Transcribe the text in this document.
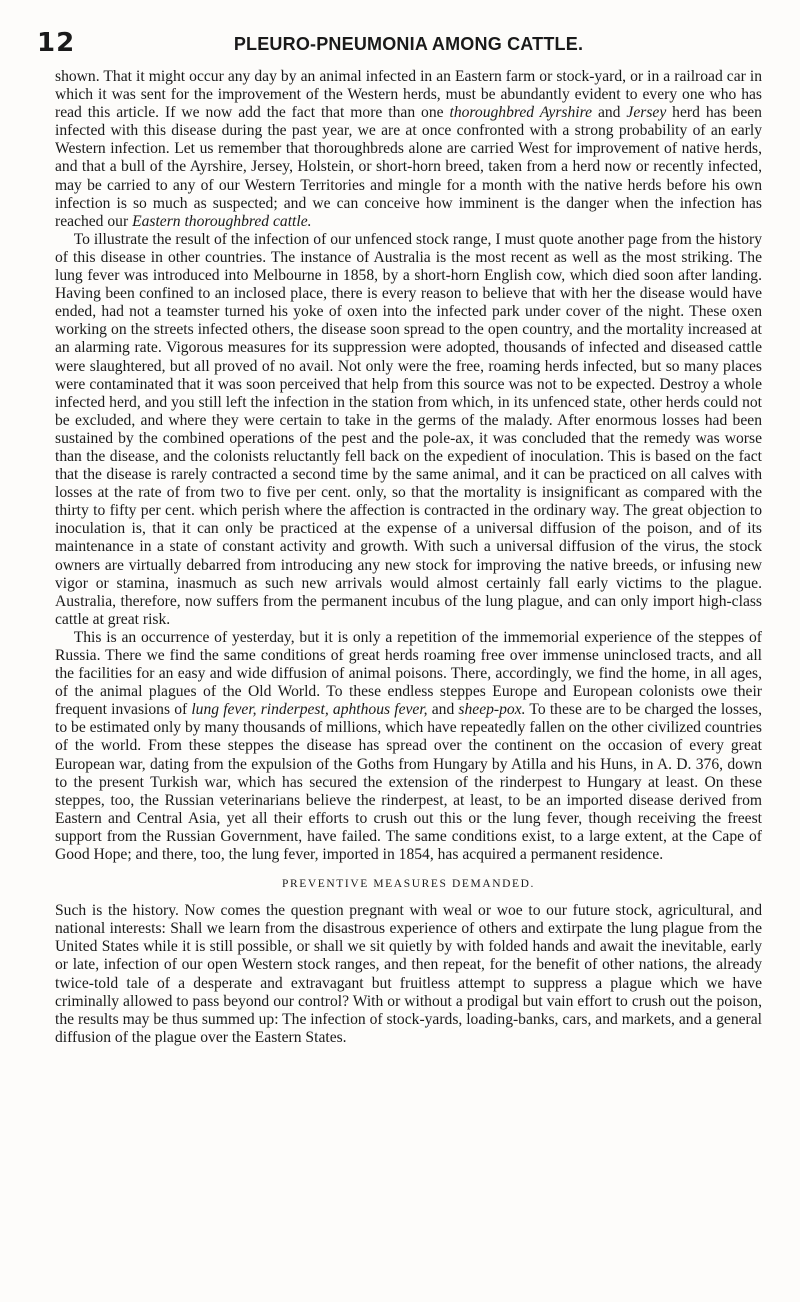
12	PLEURO-PNEUMONIA AMONG CATTLE.

shown. That it might occur any day by an animal infected in an Eastern farm or stock-yard, or in a railroad car in which it was sent for the improvement of the Western herds, must be abundantly evident to every one who has read this article. If we now add the fact that more than one thoroughbred Ayrshire and Jersey herd has been infected with this disease during the past year, we are at once confronted with a strong probability of an early Western infection. Let us remember that thoroughbreds alone are carried West for improvement of native herds, and that a bull of the Ayrshire, Jersey, Holstein, or short-horn breed, taken from a herd now or recently infected, may be carried to any of our Western Territories and mingle for a month with the native herds before his own infection is so much as suspected; and we can conceive how imminent is the danger when the infection has reached our Eastern thoroughbred cattle.

To illustrate the result of the infection of our unfenced stock range, I must quote another page from the history of this disease in other countries. The instance of Australia is the most recent as well as the most striking. The lung fever was introduced into Melbourne in 1858, by a short-horn English cow, which died soon after landing. Having been confined to an inclosed place, there is every reason to believe that with her the disease would have ended, had not a teamster turned his yoke of oxen into the infected park under cover of the night. These oxen working on the streets infected others, the disease soon spread to the open country, and the mortality increased at an alarming rate. Vigorous measures for its suppression were adopted, thousands of infected and diseased cattle were slaughtered, but all proved of no avail. Not only were the free, roaming herds infected, but so many places were contaminated that it was soon perceived that help from this source was not to be expected. Destroy a whole infected herd, and you still left the infection in the station from which, in its unfenced state, other herds could not be excluded, and where they were certain to take in the germs of the malady. After enormous losses had been sustained by the combined operations of the pest and the pole-ax, it was concluded that the remedy was worse than the disease, and the colonists reluctantly fell back on the expedient of inoculation. This is based on the fact that the disease is rarely contracted a second time by the same animal, and it can be practiced on all calves with losses at the rate of from two to five per cent. only, so that the mortality is insignificant as compared with the thirty to fifty per cent. which perish where the affection is contracted in the ordinary way. The great objection to inoculation is, that it can only be practiced at the expense of a universal diffusion of the poison, and of its maintenance in a state of constant activity and growth. With such a universal diffusion of the virus, the stock owners are virtually debarred from introducing any new stock for improving the native breeds, or infusing new vigor or stamina, inasmuch as such new arrivals would almost certainly fall early victims to the plague. Australia, therefore, now suffers from the permanent incubus of the lung plague, and can only import high-class cattle at great risk.

This is an occurrence of yesterday, but it is only a repetition of the immemorial experience of the steppes of Russia. There we find the same conditions of great herds roaming free over immense uninclosed tracts, and all the facilities for an easy and wide diffusion of animal poisons. There, accordingly, we find the home, in all ages, of the animal plagues of the Old World. To these endless steppes Europe and European colonists owe their frequent invasions of lung fever, rinderpest, aphthous fever, and sheep-pox. To these are to be charged the losses, to be estimated only by many thousands of millions, which have repeatedly fallen on the other civilized countries of the world. From these steppes the disease has spread over the continent on the occasion of every great European war, dating from the expulsion of the Goths from Hungary by Atilla and his Huns, in A. D. 376, down to the present Turkish war, which has secured the extension of the rinderpest to Hungary at least. On these steppes, too, the Russian veterinarians believe the rinderpest, at least, to be an imported disease derived from Eastern and Central Asia, yet all their efforts to crush out this or the lung fever, though receiving the freest support from the Russian Government, have failed. The same conditions exist, to a large extent, at the Cape of Good Hope; and there, too, the lung fever, imported in 1854, has acquired a permanent residence.

PREVENTIVE MEASURES DEMANDED.

Such is the history. Now comes the question pregnant with weal or woe to our future stock, agricultural, and national interests: Shall we learn from the disastrous experience of others and extirpate the lung plague from the United States while it is still possible, or shall we sit quietly by with folded hands and await the inevitable, early or late, infection of our open Western stock ranges, and then repeat, for the benefit of other nations, the already twice-told tale of a desperate and extravagant but fruitless attempt to suppress a plague which we have criminally allowed to pass beyond our control? With or without a prodigal but vain effort to crush out the poison, the results may be thus summed up: The infection of stock-yards, loading-banks, cars, and markets, and a general diffusion of the plague over the Eastern States.
